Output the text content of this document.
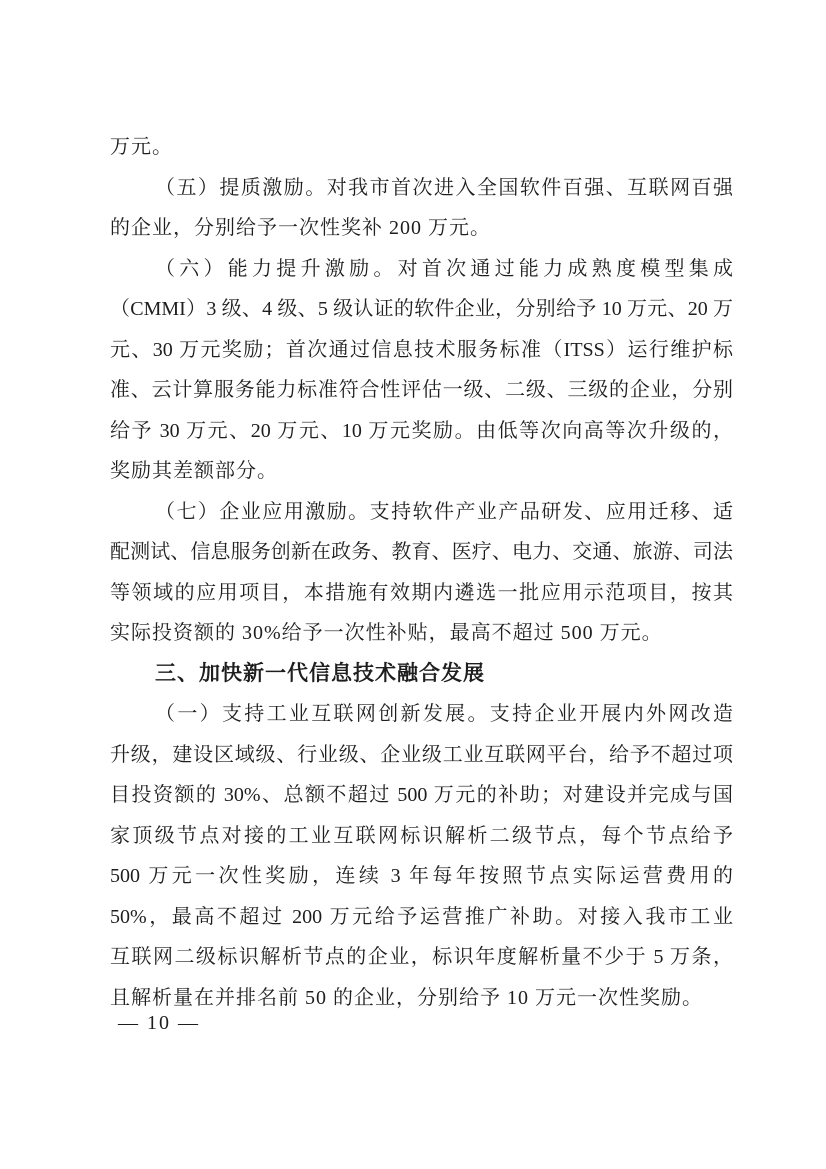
万元。
（五）提质激励。对我市首次进入全国软件百强、互联网百强
的企业，分别给予一次性奖补 200 万元。
（六）能力提升激励。对首次通过能力成熟度模型集成
（CMMI）3 级、4 级、5 级认证的软件企业，分别给予 10 万元、20 万
元、30 万元奖励；首次通过信息技术服务标准（ITSS）运行维护标
准、云计算服务能力标准符合性评估一级、二级、三级的企业，分别
给予 30 万元、20 万元、10 万元奖励。由低等次向高等次升级的，
奖励其差额部分。
（七）企业应用激励。支持软件产业产品研发、应用迁移、适
配测试、信息服务创新在政务、教育、医疗、电力、交通、旅游、司法
等领域的应用项目，本措施有效期内遴选一批应用示范项目，按其
实际投资额的 30%给予一次性补贴，最高不超过 500 万元。
三、加快新一代信息技术融合发展
（一）支持工业互联网创新发展。支持企业开展内外网改造
升级，建设区域级、行业级、企业级工业互联网平台，给予不超过项
目投资额的 30%、总额不超过 500 万元的补助；对建设并完成与国
家顶级节点对接的工业互联网标识解析二级节点，每个节点给予
500 万元一次性奖励，连续 3 年每年按照节点实际运营费用的
50%，最高不超过 200 万元给予运营推广补助。对接入我市工业
互联网二级标识解析节点的企业，标识年度解析量不少于 5 万条，
且解析量在并排名前 50 的企业，分别给予 10 万元一次性奖励。
— 10 —
